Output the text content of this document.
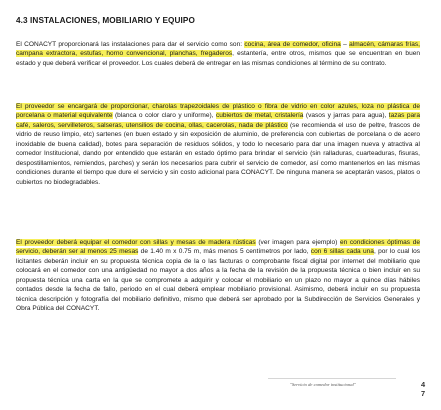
4.3 INSTALACIONES, MOBILIARIO Y EQUIPO
El CONACYT proporcionará las instalaciones para dar el servicio como son: cocina, área de comedor, oficina – almacén, cámaras frías, campana extractora, estufas, horno convencional, planchas, fregaderos, estantería, entre otros, mismos que se encuentran en buen estado y que deberá verificar el proveedor. Los cuales deberá de entregar en las mismas condiciones al término de su contrato.
El proveedor se encargará de proporcionar, charolas trapezoidales de plástico o fibra de vidrio en color azules, loza no plástica de porcelana o material equivalente (blanca o color claro y uniforme), cubiertos de metal, cristalería (vasos y jarras para agua), tazas para café, saleros, servilleteros, salseras, utensilios de cocina, ollas, cacerolas, nada de plástico (se recomienda el uso de peltre, frascos de vidrio de reuso limpio, etc) sartenes (en buen estado y sin exposición de aluminio, de preferencia con cubiertas de porcelana o de acero inoxidable de buena calidad), botes para separación de residuos sólidos, y todo lo necesario para dar una imagen nueva y atractiva al comedor Institucional, dando por entendido que estarán en estado óptimo para brindar el servicio (sin ralladuras, cuarteaduras, fisuras, despostillamientos, remiendos, parches) y serán los necesarios para cubrir el servicio de comedor, así como mantenerlos en las mismas condiciones durante el tiempo que dure el servicio y sin costo adicional para CONACYT. De ninguna manera se aceptarán vasos, platos o cubiertos no biodegradables.
El proveedor deberá equipar el comedor con sillas y mesas de madera rústicas (ver imagen para ejemplo) en condiciones óptimas de servicio, deberán ser al menos 25 mesas de 1.40 m x 0.75 m, más menos 5 centímetros por lado, con 6 sillas cada una, por lo cual los licitantes deberán incluir en su propuesta técnica copia de la o las facturas o comprobante fiscal digital por internet del mobiliario que colocará en el comedor con una antigüedad no mayor a dos años a la fecha de la revisión de la propuesta técnica o bien incluir en su propuesta técnica una carta en la que se compromete a adquirir y colocar el mobiliario en un plazo no mayor a quince días hábiles contados desde la fecha de fallo, periodo en el cual deberá emplear mobiliario provisional. Asimismo, deberá incluir en su propuesta técnica descripción y fotografía del mobiliario definitivo, mismo que deberá ser aprobado por la Subdirección de Servicios Generales y Obra Pública del CONACYT.
"Servicio de comedor institucional"	4
7
